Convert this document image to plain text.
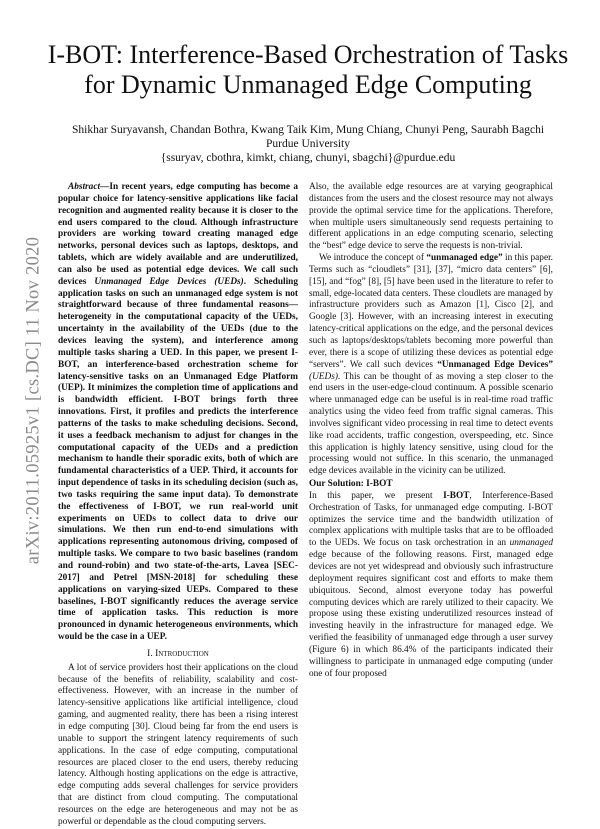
arXiv:2011.05925v1 [cs.DC] 11 Nov 2020
I-BOT: Interference-Based Orchestration of Tasks
for Dynamic Unmanaged Edge Computing
Shikhar Suryavansh, Chandan Bothra, Kwang Taik Kim, Mung Chiang, Chunyi Peng, Saurabh Bagchi
Purdue University
{ssuryav, cbothra, kimkt, chiang, chunyi, sbagchi}@purdue.edu

Abstract—In recent years, edge computing has become a popular choice for latency-sensitive applications like facial recognition and augmented reality because it is closer to the end users compared to the cloud. Although infrastructure providers are working toward creating managed edge networks, personal devices such as laptops, desktops, and tablets, which are widely available and are underutilized, can also be used as potential edge devices. We call such devices Unmanaged Edge Devices (UEDs). Scheduling application tasks on such an unmanaged edge system is not straightforward because of three fundamental reasons—heterogeneity in the computational capacity of the UEDs, uncertainty in the availability of the UEDs (due to the devices leaving the system), and interference among multiple tasks sharing a UED. In this paper, we present I-BOT, an interference-based orchestration scheme for latency-sensitive tasks on an Unmanaged Edge Platform (UEP). It minimizes the completion time of applications and is bandwidth efficient. I-BOT brings forth three innovations. First, it profiles and predicts the interference patterns of the tasks to make scheduling decisions. Second, it uses a feedback mechanism to adjust for changes in the computational capacity of the UEDs and a prediction mechanism to handle their sporadic exits, both of which are fundamental characteristics of a UEP. Third, it accounts for input dependence of tasks in its scheduling decision (such as, two tasks requiring the same input data). To demonstrate the effectiveness of I-BOT, we run real-world unit experiments on UEDs to collect data to drive our simulations. We then run end-to-end simulations with applications representing autonomous driving, composed of multiple tasks. We compare to two basic baselines (random and round-robin) and two state-of-the-arts, Lavea [SEC-2017] and Petrel [MSN-2018] for scheduling these applications on varying-sized UEPs. Compared to these baselines, I-BOT significantly reduces the average service time of application tasks. This reduction is more pronounced in dynamic heterogeneous environments, which would be the case in a UEP.

I. Introduction

A lot of service providers host their applications on the cloud because of the benefits of reliability, scalability and cost-effectiveness. However, with an increase in the number of latency-sensitive applications like artificial intelligence, cloud gaming, and augmented reality, there has been a rising interest in edge computing [30]. Cloud being far from the end users is unable to support the stringent latency requirements of such applications. In the case of edge computing, computational resources are placed closer to the end users, thereby reducing latency. Although hosting applications on the edge is attractive, edge computing adds several challenges for service providers that are distinct from cloud computing. The computational resources on the edge are heterogeneous and may not be as powerful or dependable as the cloud computing servers.

Also, the available edge resources are at varying geographical distances from the users and the closest resource may not always provide the optimal service time for the applications. Therefore, when multiple users simultaneously send requests pertaining to different applications in an edge computing scenario, selecting the “best” edge device to serve the requests is non-trivial.

We introduce the concept of “unmanaged edge” in this paper. Terms such as “cloudlets” [31], [37], “micro data centers” [6], [15], and “fog” [8], [5] have been used in the literature to refer to small, edge-located data centers. These cloudlets are managed by infrastructure providers such as Amazon [1], Cisco [2], and Google [3]. However, with an increasing interest in executing latency-critical applications on the edge, and the personal devices such as laptops/desktops/tablets becoming more powerful than ever, there is a scope of utilizing these devices as potential edge “servers”. We call such devices “Unmanaged Edge Devices” (UEDs). This can be thought of as moving a step closer to the end users in the user-edge-cloud continuum. A possible scenario where unmanaged edge can be useful is in real-time road traffic analytics using the video feed from traffic signal cameras. This involves significant video processing in real time to detect events like road accidents, traffic congestion, overspeeding, etc. Since this application is highly latency sensitive, using cloud for the processing would not suffice. In this scenario, the unmanaged edge devices available in the vicinity can be utilized.

Our Solution: I-BOT

In this paper, we present I-BOT, Interference-Based Orchestration of Tasks, for unmanaged edge computing. I-BOT optimizes the service time and the bandwidth utilization of complex applications with multiple tasks that are to be offloaded to the UEDs. We focus on task orchestration in an unmanaged edge because of the following reasons. First, managed edge devices are not yet widespread and obviously such infrastructure deployment requires significant cost and efforts to make them ubiquitous. Second, almost everyone today has powerful computing devices which are rarely utilized to their capacity. We propose using these existing underutilized resources instead of investing heavily in the infrastructure for managed edge. We verified the feasibility of unmanaged edge through a user survey (Figure 6) in which 86.4% of the participants indicated their willingness to participate in unmanaged edge computing (under one of four proposed
